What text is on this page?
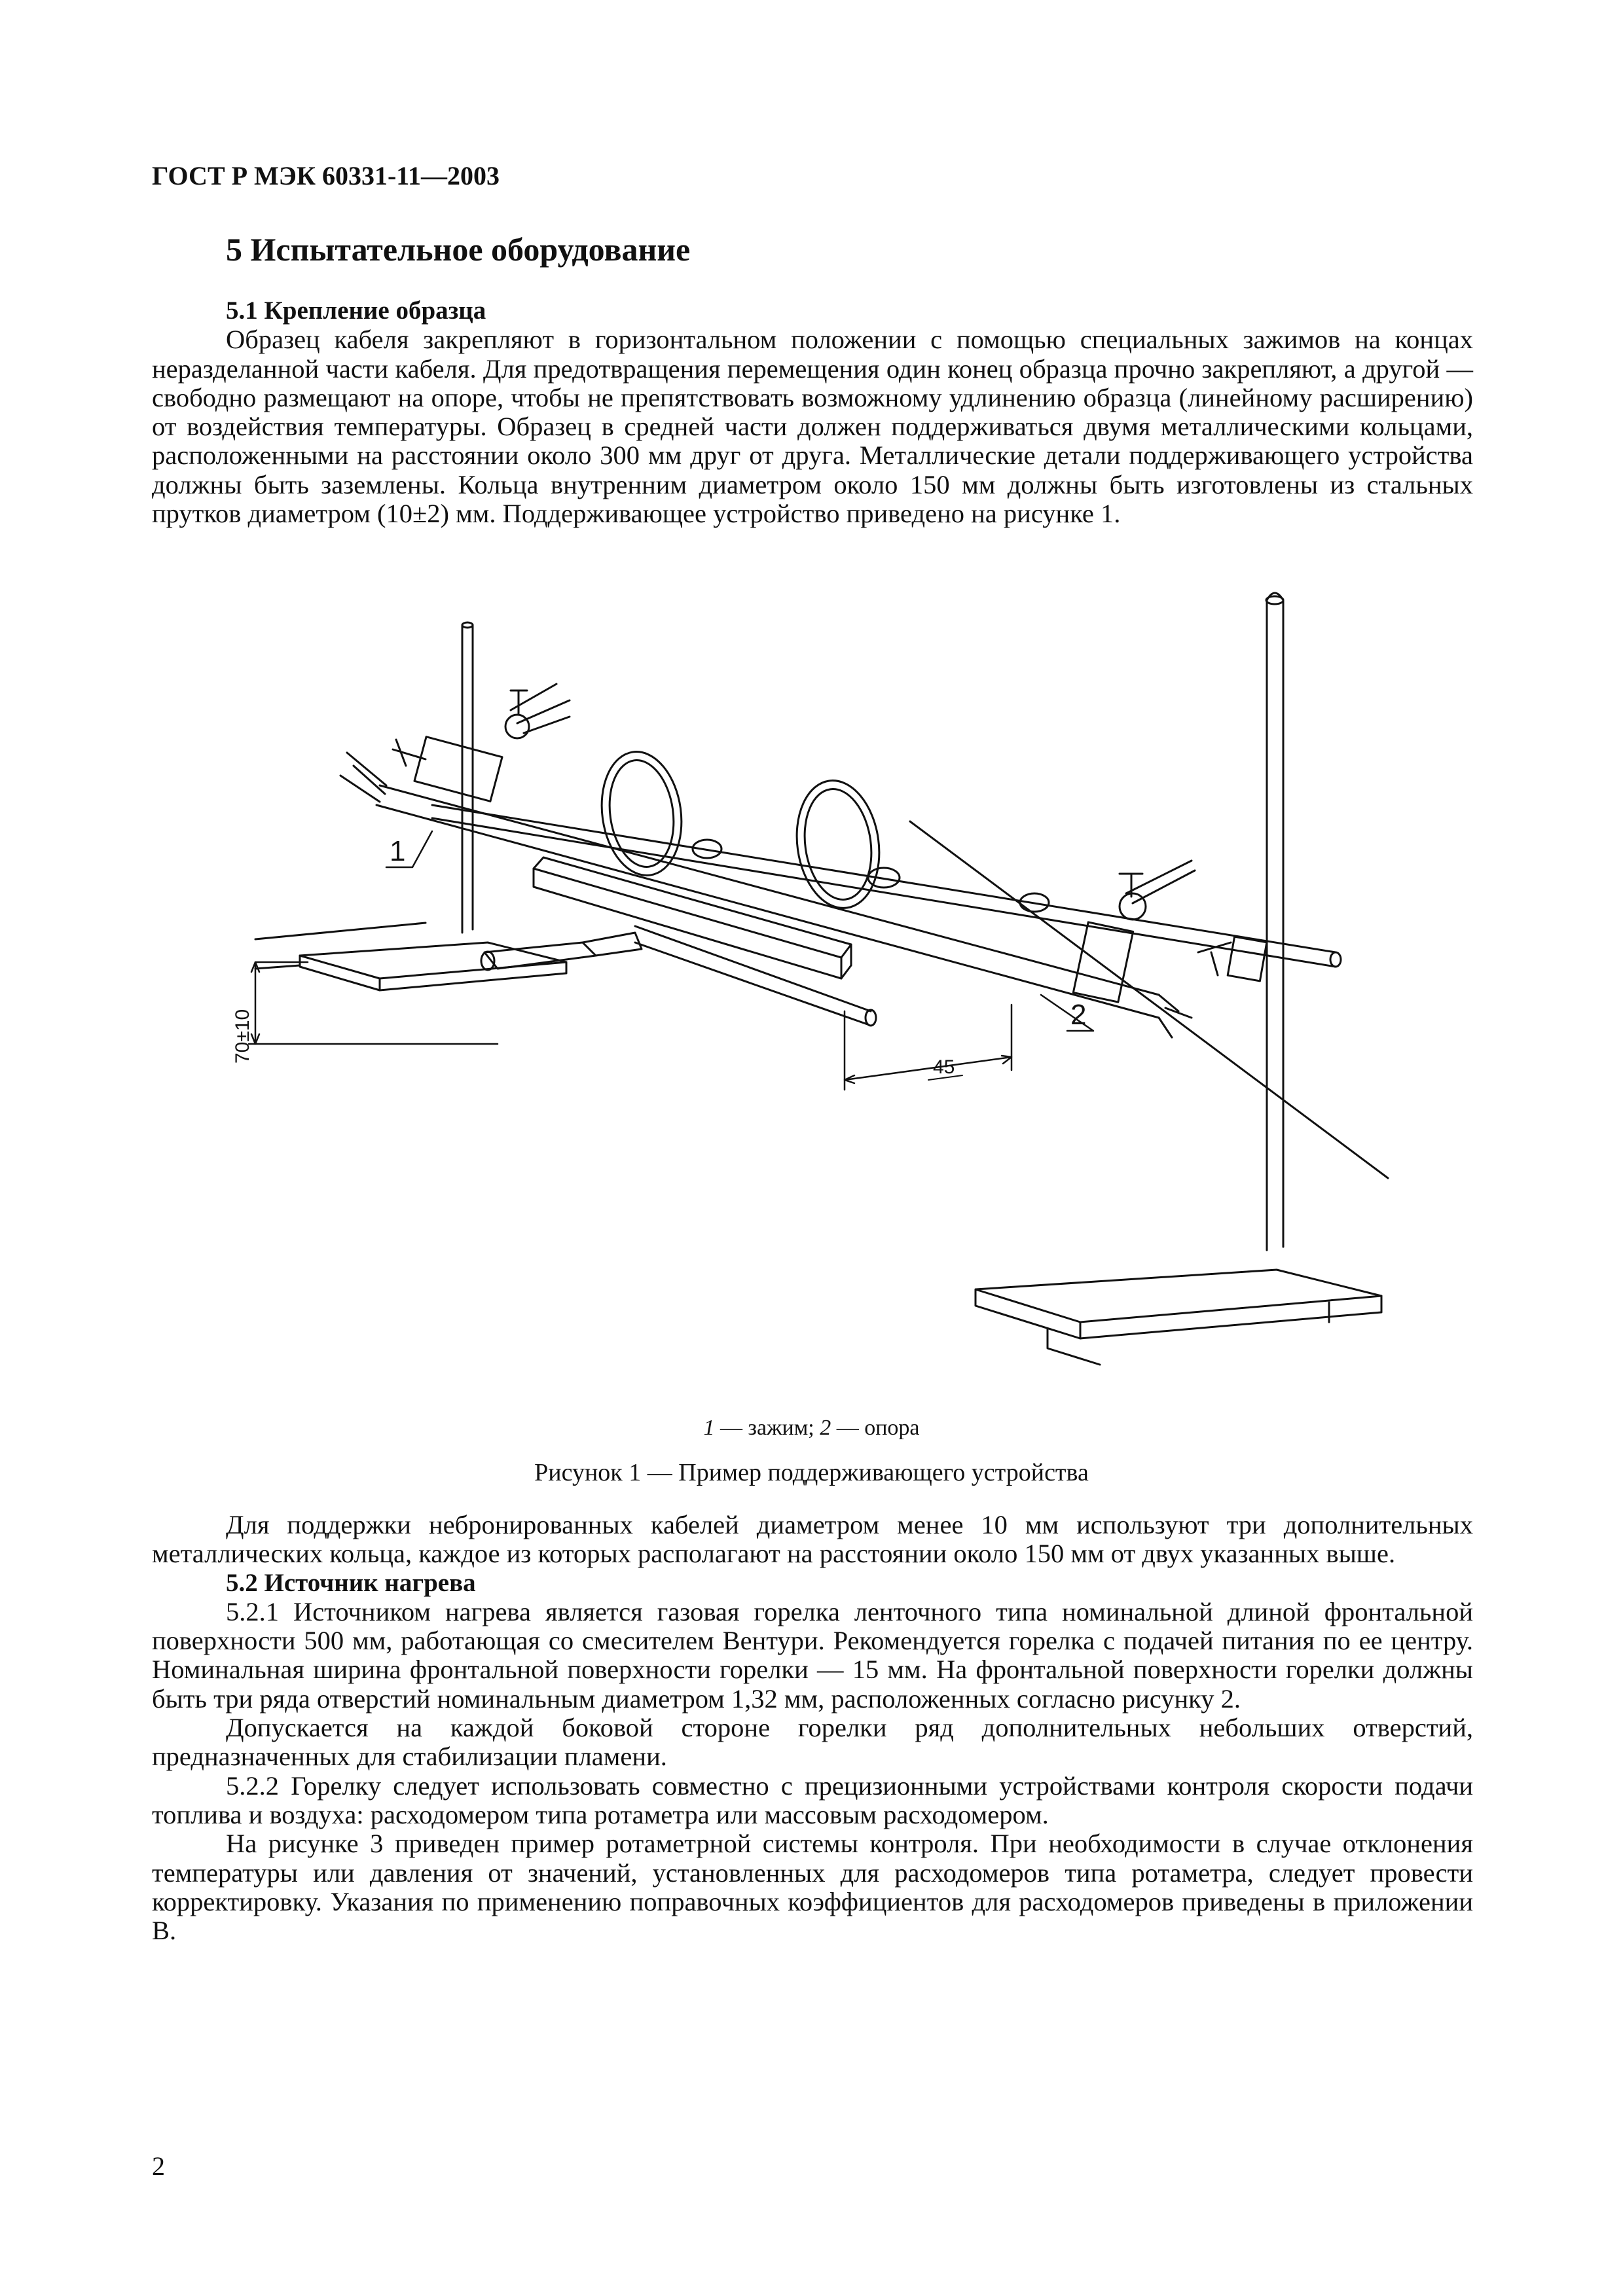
ГОСТ Р МЭК 60331-11—2003
5 Испытательное оборудование

5.1 Крепление образца

Образец кабеля закрепляют в горизонтальном положении с помощью специальных зажимов на концах неразделанной части кабеля. Для предотвращения перемещения один конец образца прочно закрепляют, а другой — свободно размещают на опоре, чтобы не препятствовать возможному удлинению образца (линейному расширению) от воздействия температуры. Образец в средней части должен поддерживаться двумя металлическими кольцами, расположенными на расстоянии около 300 мм друг от друга. Металлические детали поддерживающего устройства должны быть заземлены. Кольца внутренним диаметром около 150 мм должны быть изготовлены из стальных прутков диаметром (10±2) мм. Поддерживающее устройство приведено на рисунке 1.

70±10
45
1
2
1 — зажим; 2 — опора
Рисунок 1 — Пример поддерживающего устройства

Для поддержки небронированных кабелей диаметром менее 10 мм используют три дополнительных металлических кольца, каждое из которых располагают на расстоянии около 150 мм от двух указанных выше.

5.2 Источник нагрева

5.2.1 Источником нагрева является газовая горелка ленточного типа номинальной длиной фронтальной поверхности 500 мм, работающая со смесителем Вентури. Рекомендуется горелка с подачей питания по ее центру. Номинальная ширина фронтальной поверхности горелки — 15 мм. На фронтальной поверхности горелки должны быть три ряда отверстий номинальным диаметром 1,32 мм, расположенных согласно рисунку 2.

Допускается на каждой боковой стороне горелки ряд дополнительных небольших отверстий, предназначенных для стабилизации пламени.

5.2.2 Горелку следует использовать совместно с прецизионными устройствами контроля скорости подачи топлива и воздуха: расходомером типа ротаметра или массовым расходомером.

На рисунке 3 приведен пример ротаметрной системы контроля. При необходимости в случае отклонения температуры или давления от значений, установленных для расходомеров типа ротаметра, следует провести корректировку. Указания по применению поправочных коэффициентов для расходомеров приведены в приложении В.

2
